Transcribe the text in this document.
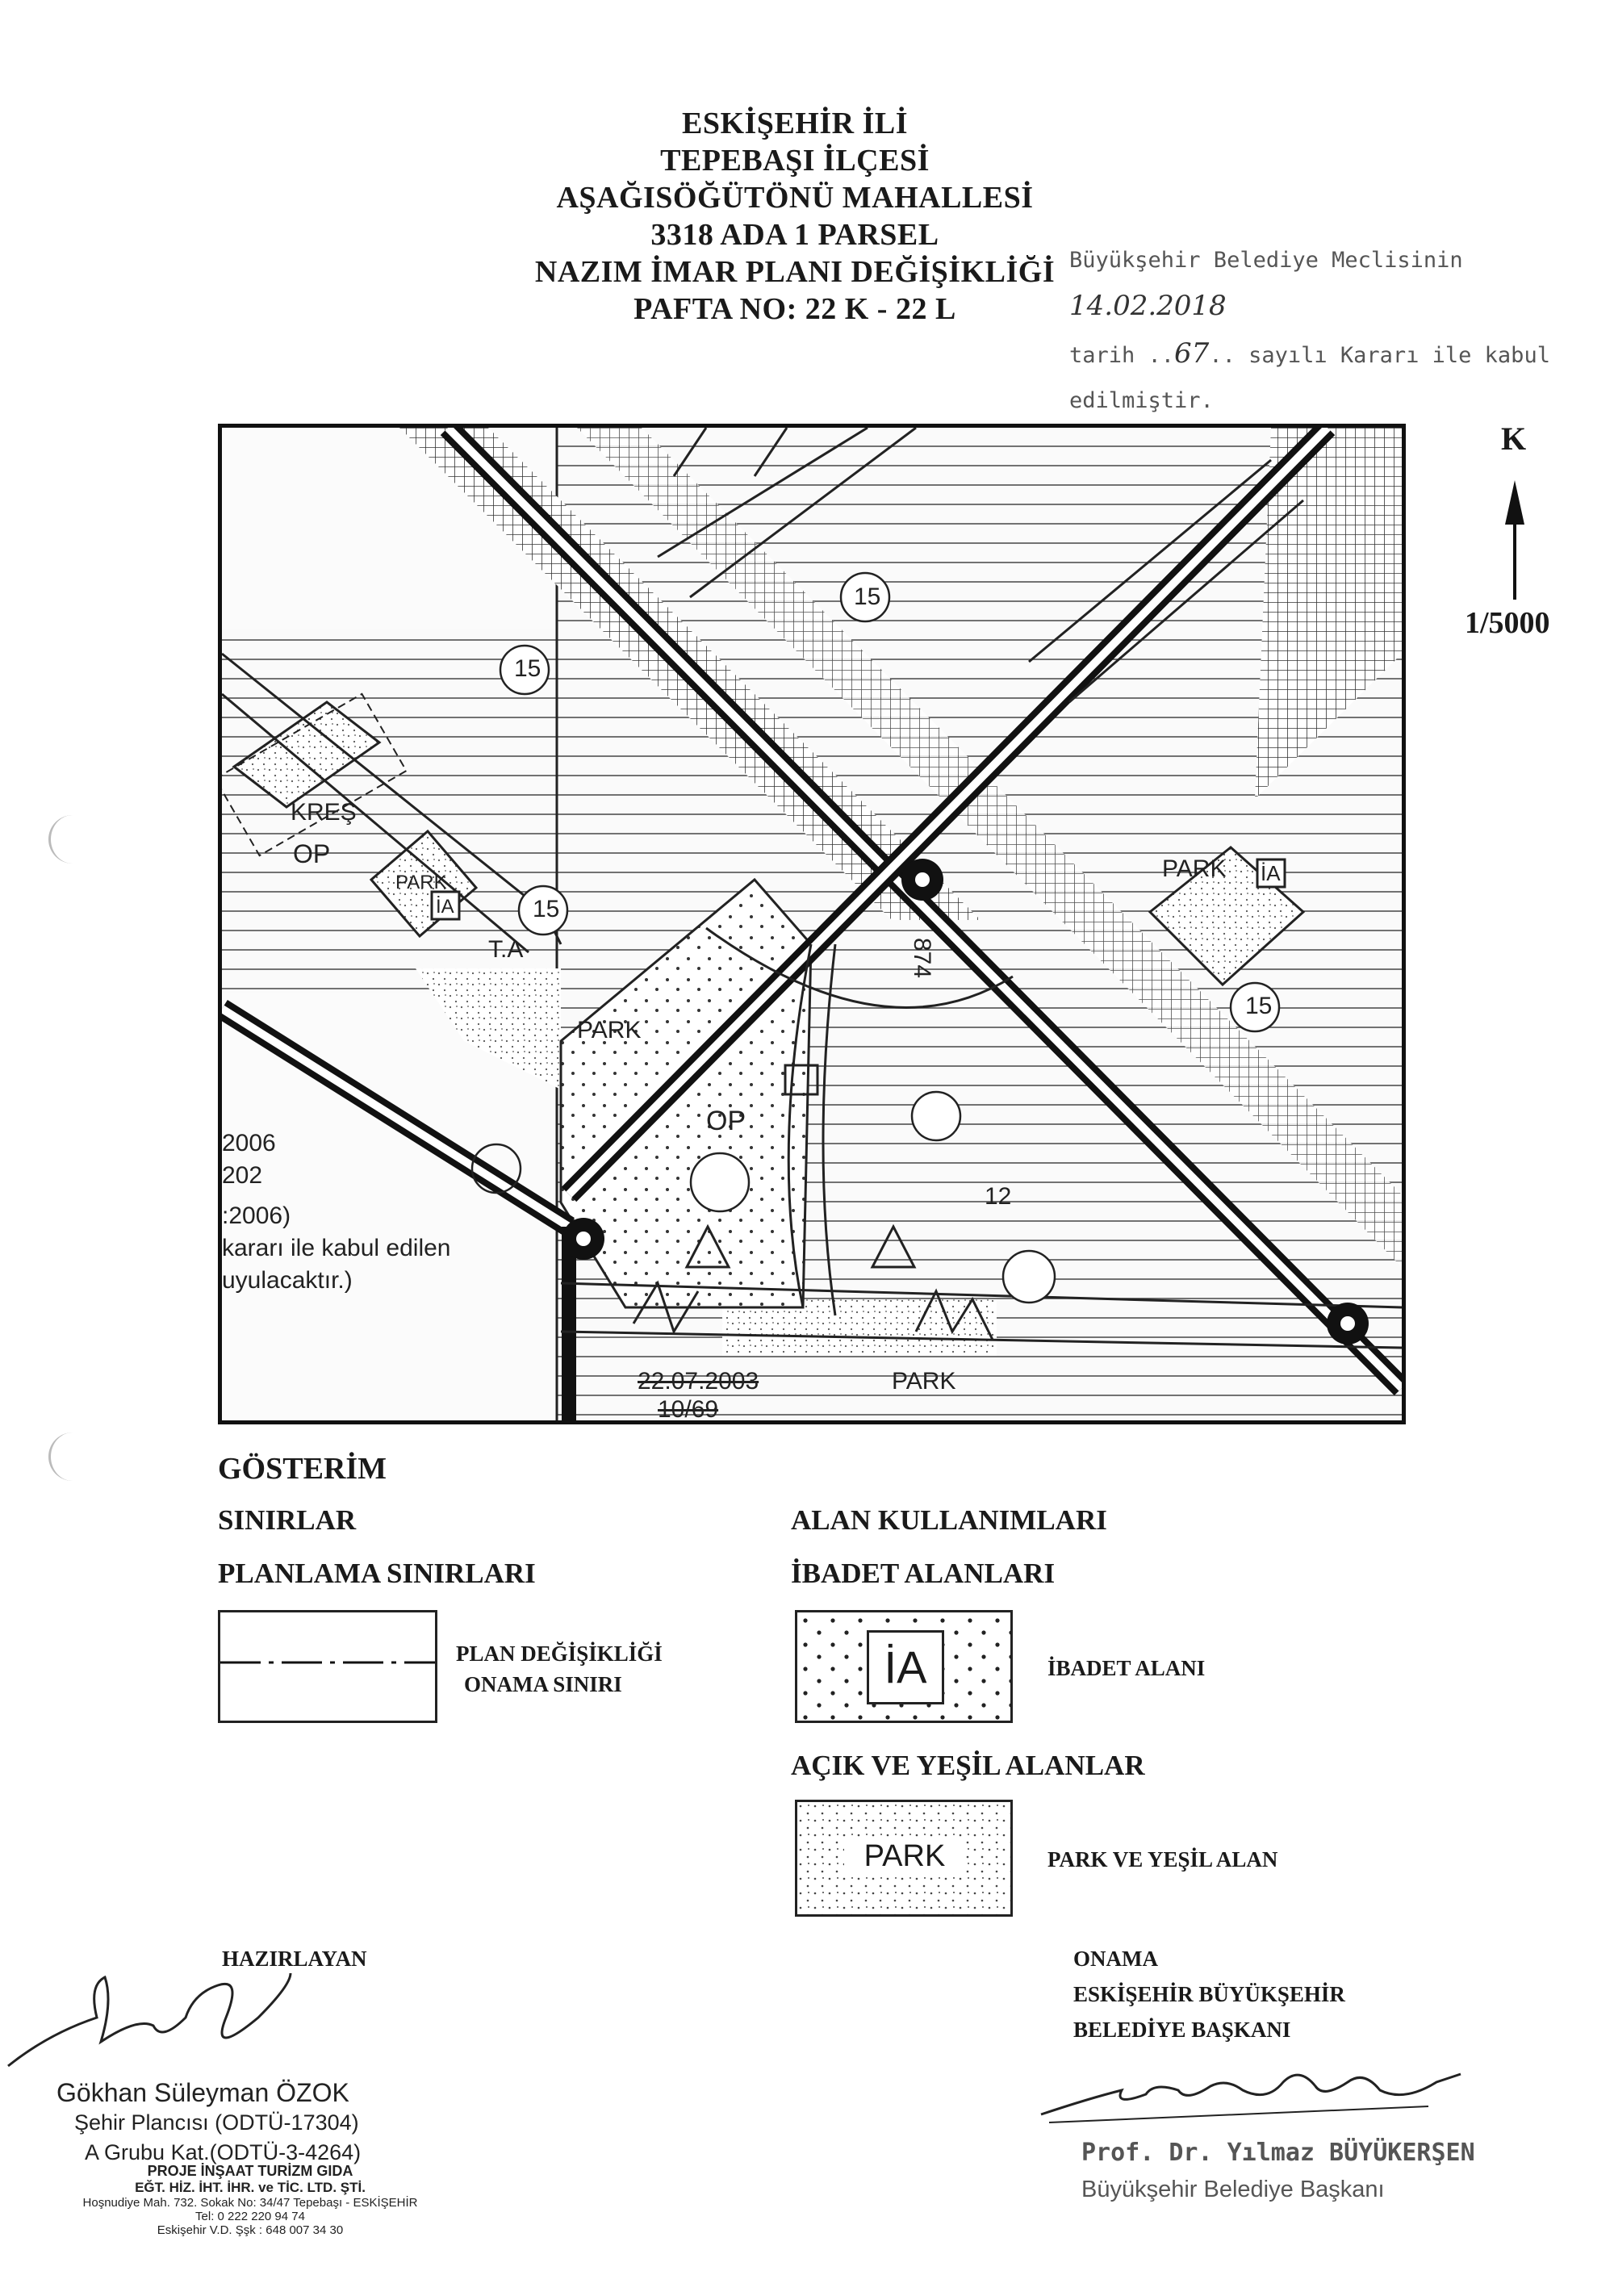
ESKİŞEHİR İLİ
TEPEBAŞI İLÇESİ
AŞAĞISÖĞÜTÖNÜ MAHALLESİ
3318 ADA 1 PARSEL
NAZIM İMAR PLANI DEĞİŞİKLİĞİ
PAFTA NO: 22 K - 22 L
Büyükşehir Belediye Meclisinin 14.02.2018
tarih ..67.. sayılı Kararı ile kabul edilmiştir.
K
1/5000
KREŞ
PARK
İA
OP
15
15
15
15
T.A
PARK
PARK İA
OP
12
874
PARK
2006
202
:2006)
kararı ile kabul edilen
uyulacaktır.)
22.07.2003
10/69
GÖSTERİM
SINIRLAR
PLANLAMA SINIRLARI
PLAN DEĞİŞİKLİĞİ
ONAMA SINIRI
ALAN KULLANIMLARI
İBADET ALANLARI
İA	İBADET ALANI
AÇIK VE YEŞİL ALANLAR
PARK	PARK VE YEŞİL ALAN
HAZIRLAYAN
Gökhan Süleyman ÖZOK
Şehir Plancısı (ODTÜ-17304)
A Grubu Kat.(ODTÜ-3-4264)
PROJE İNŞAAT TURİZM GIDA
EĞT. HİZ. İHT. İHR. ve TİC. LTD. ŞTİ.
Hoşnudiye Mah. 732. Sokak No: 34/47 Tepebaşı - ESKİŞEHİR
Tel: 0 222 220 94 74
Eskişehir V.D. Şşk : 648 007 34 30
ONAMA
ESKİŞEHİR BÜYÜKŞEHİR
BELEDİYE BAŞKANI
Prof. Dr. Yılmaz BÜYÜKERŞEN
Büyükşehir Belediye Başkanı
